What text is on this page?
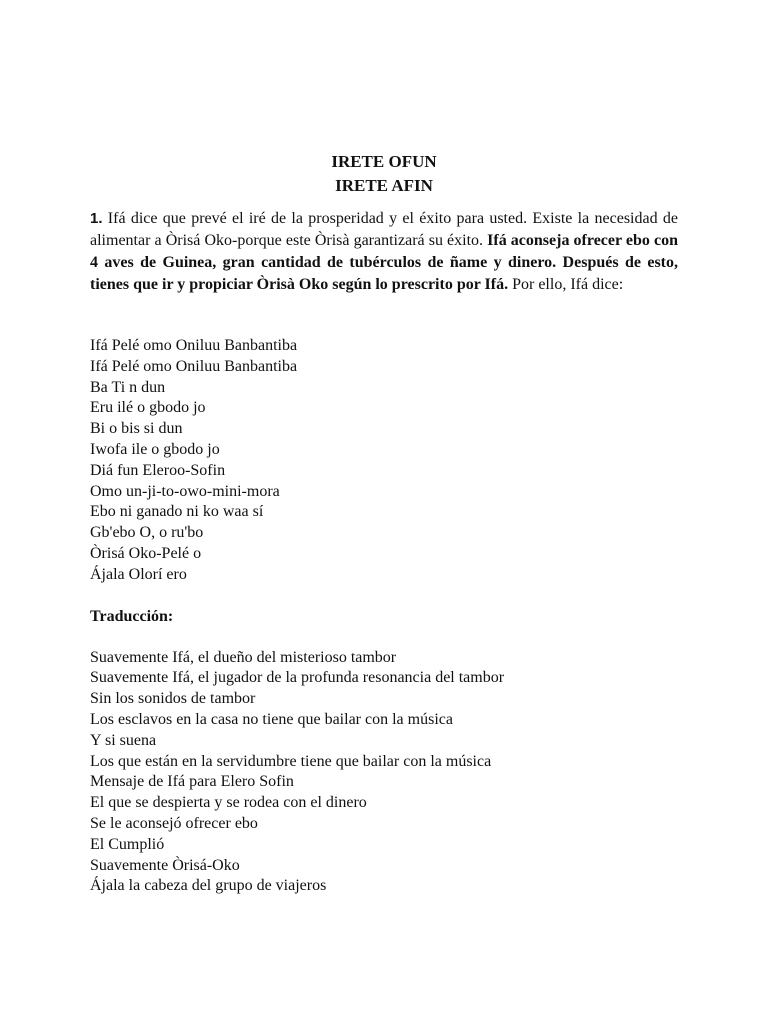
IRETE OFUN
IRETE AFIN

1. Ifá dice que prevé el iré de la prosperidad y el éxito para usted. Existe la necesidad de alimentar a Òrisá Oko-porque este Òrisà garantizará su éxito. Ifá aconseja ofrecer ebo con 4 aves de Guinea, gran cantidad de tubérculos de ñame y dinero. Después de esto, tienes que ir y propiciar Òrisà Oko según lo prescrito por Ifá. Por ello, Ifá dice:

Ifá Pelé omo Oniluu Banbantiba
Ifá Pelé omo Oniluu Banbantiba
Ba Ti n dun
Eru ilé o gbodo jo
Bi o bis si dun
Iwofa ile o gbodo jo
Diá fun Eleroo-Sofin
Omo un-ji-to-owo-mini-mora
Ebo ni ganado ni ko waa sí
Gb'ebo O, o ru'bo
Òrisá Oko-Pelé o
Ájala Olorí ero
Traducción:
Suavemente Ifá, el dueño del misterioso tambor
Suavemente Ifá, el jugador de la profunda resonancia del tambor
Sin los sonidos de tambor
Los esclavos en la casa no tiene que bailar con la música
Y si suena
Los que están en la servidumbre tiene que bailar con la música
Mensaje de Ifá para Elero Sofin
El que se despierta y se rodea con el dinero
Se le aconsejó ofrecer ebo
El Cumplió
Suavemente Òrisá-Oko
Ájala la cabeza del grupo de viajeros
